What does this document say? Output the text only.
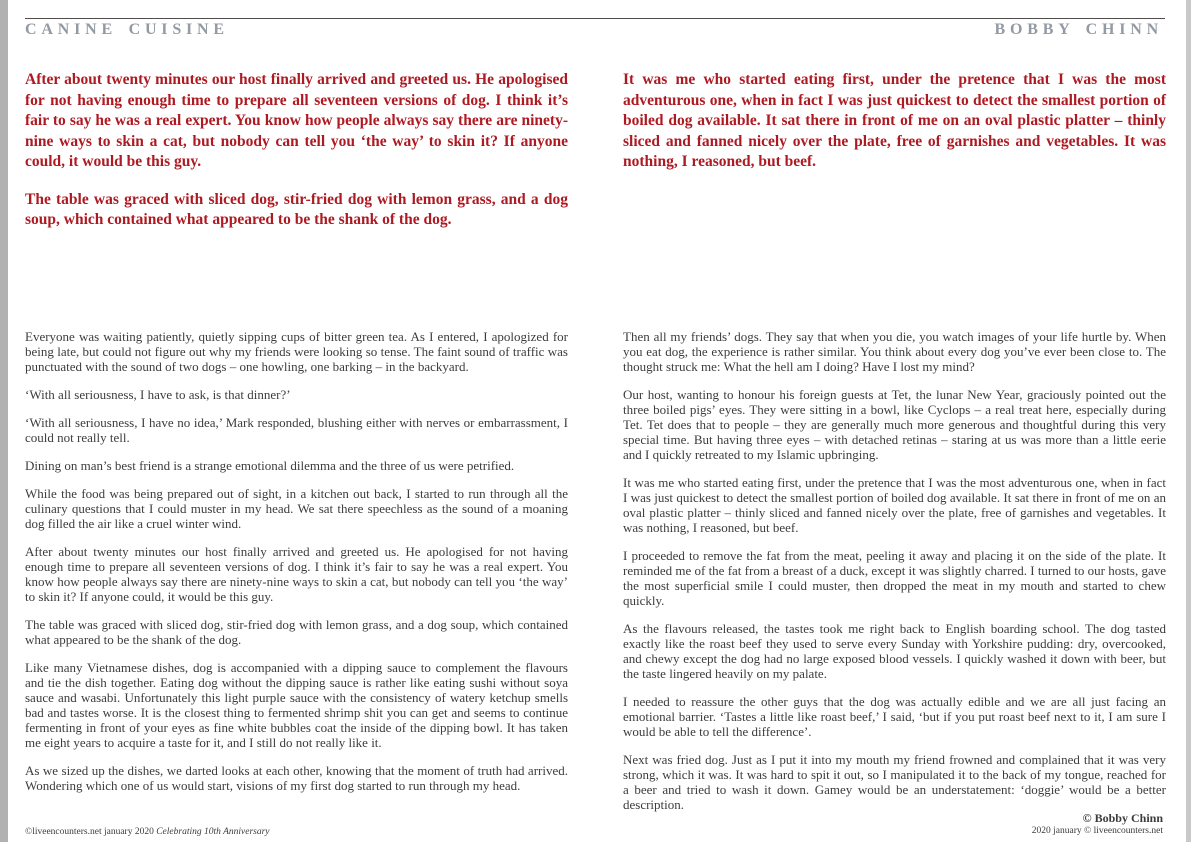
CANINE CUISINE	BOBBY CHINN

After about twenty minutes our host finally arrived and greeted us. He apologised for not having enough time to prepare all seventeen versions of dog. I think it’s fair to say he was a real expert. You know how people always say there are ninety-nine ways to skin a cat, but nobody can tell you ‘the way’ to skin it? If anyone could, it would be this guy.

The table was graced with sliced dog, stir-fried dog with lemon grass, and a dog soup, which contained what appeared to be the shank of the dog.

It was me who started eating first, under the pretence that I was the most adventurous one, when in fact I was just quickest to detect the smallest portion of boiled dog available. It sat there in front of me on an oval plastic platter – thinly sliced and fanned nicely over the plate, free of garnishes and vegetables. It was nothing, I reasoned, but beef.

Everyone was waiting patiently, quietly sipping cups of bitter green tea. As I entered, I apologized for being late, but could not figure out why my friends were looking so tense. The faint sound of traffic was punctuated with the sound of two dogs – one howling, one barking – in the backyard.

‘With all seriousness, I have to ask, is that dinner?’

‘With all seriousness, I have no idea,’ Mark responded, blushing either with nerves or embarrassment, I could not really tell.

Dining on man’s best friend is a strange emotional dilemma and the three of us were petrified.

While the food was being prepared out of sight, in a kitchen out back, I started to run through all the culinary questions that I could muster in my head. We sat there speechless as the sound of a moaning dog filled the air like a cruel winter wind.

After about twenty minutes our host finally arrived and greeted us. He apologised for not having enough time to prepare all seventeen versions of dog. I think it’s fair to say he was a real expert. You know how people always say there are ninety-nine ways to skin a cat, but nobody can tell you ‘the way’ to skin it? If anyone could, it would be this guy.

The table was graced with sliced dog, stir-fried dog with lemon grass, and a dog soup, which contained what appeared to be the shank of the dog.

Like many Vietnamese dishes, dog is accompanied with a dipping sauce to complement the flavours and tie the dish together. Eating dog without the dipping sauce is rather like eating sushi without soya sauce and wasabi. Unfortunately this light purple sauce with the consistency of watery ketchup smells bad and tastes worse. It is the closest thing to fermented shrimp shit you can get and seems to continue fermenting in front of your eyes as fine white bubbles coat the inside of the dipping bowl. It has taken me eight years to acquire a taste for it, and I still do not really like it.

As we sized up the dishes, we darted looks at each other, knowing that the moment of truth had arrived. Wondering which one of us would start, visions of my first dog started to run through my head.

Then all my friends’ dogs. They say that when you die, you watch images of your life hurtle by. When you eat dog, the experience is rather similar. You think about every dog you’ve ever been close to. The thought struck me: What the hell am I doing? Have I lost my mind?

Our host, wanting to honour his foreign guests at Tet, the lunar New Year, graciously pointed out the three boiled pigs’ eyes. They were sitting in a bowl, like Cyclops – a real treat here, especially during Tet. Tet does that to people – they are generally much more generous and thoughtful during this very special time. But having three eyes – with detached retinas – staring at us was more than a little eerie and I quickly retreated to my Islamic upbringing.

It was me who started eating first, under the pretence that I was the most adventurous one, when in fact I was just quickest to detect the smallest portion of boiled dog available. It sat there in front of me on an oval plastic platter – thinly sliced and fanned nicely over the plate, free of garnishes and vegetables. It was nothing, I reasoned, but beef.

I proceeded to remove the fat from the meat, peeling it away and placing it on the side of the plate. It reminded me of the fat from a breast of a duck, except it was slightly charred. I turned to our hosts, gave the most superficial smile I could muster, then dropped the meat in my mouth and started to chew quickly.

As the flavours released, the tastes took me right back to English boarding school. The dog tasted exactly like the roast beef they used to serve every Sunday with Yorkshire pudding: dry, overcooked, and chewy except the dog had no large exposed blood vessels. I quickly washed it down with beer, but the taste lingered heavily on my palate.

I needed to reassure the other guys that the dog was actually edible and we are all just facing an emotional barrier. ‘Tastes a little like roast beef,’ I said, ‘but if you put roast beef next to it, I am sure I would be able to tell the difference’.

Next was fried dog. Just as I put it into my mouth my friend frowned and complained that it was very strong, which it was. It was hard to spit it out, so I manipulated it to the back of my tongue, reached for a beer and tried to wash it down. Gamey would be an understatement: ‘doggie’ would be a better description.

©liveencounters.net january 2020 Celebrating 10th Anniversary
© Bobby Chinn
2020 january © liveencounters.net
